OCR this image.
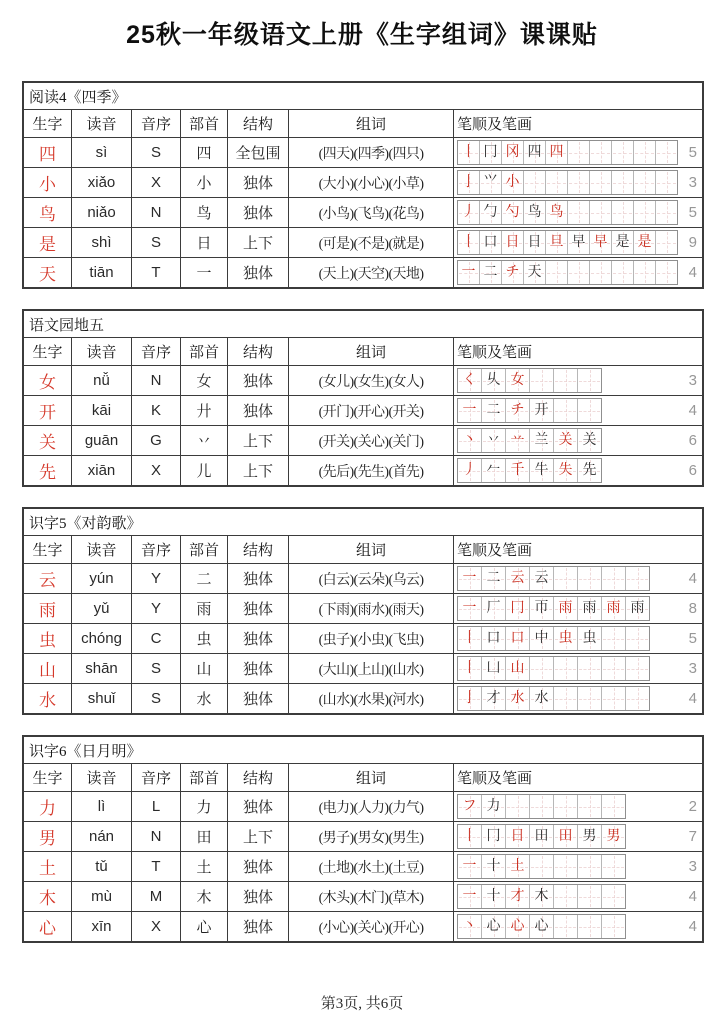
25秋一年级语文上册《生字组词》课课贴
阅读4《四季》
生字	读音	音序	部首	结构	组词	笔顺及笔画
四	sì	S	四	全包围	(四天)(四季)(四只)	丨 冂 冈 四 四	5
小	xiǎo	X	小	独体	(大小)(小心)(小草)	亅 ⺍ 小	3
鸟	niǎo	N	鸟	独体	(小鸟)(飞鸟)(花鸟)	丿 勹 勺 鸟 鸟	5
是	shì	S	日	上下	(可是)(不是)(就是)	丨 口 日 日 旦 早 早 是 是 9
天	tiān	T	一	独体	(天上)(天空)(天地)	一 二 チ 天	4
语文园地五
生字	读音	音序	部首	结构	组词	笔顺及笔画
女	nǚ	N	女	独体	(女儿)(女生)(女人)	く 乆 女	3
开	kāi	K	廾	独体	(开门)(开心)(开关)	一 二 チ 开	4
关	guān	G	丷	上下	(开关)(关心)(关门)	丶 丷 䒑 兰 关 关	6
先	xiān	X	儿	上下	(先后)(先生)(首先)	丿 𠂉 千 牛 失 先	6
识字5《对韵歌》
生字	读音	音序	部首	结构	组词	笔顺及笔画
云	yún	Y	二	独体	(白云)(云朵)(乌云)	一 二 云 云	4
雨	yǔ	Y	雨	独体	(下雨)(雨水)(雨天)	一 厂 冂 帀 雨 雨 雨 雨	8
虫	chóng	C	虫	独体	(虫子)(小虫)(飞虫)	丨 口 口 中 虫 虫	5
山	shān	S	山	独体	(大山)(上山)(山水)	丨 凵 山	3
水	shuǐ	S	水	独体	(山水)(水果)(河水)	亅 才 水 水	4
识字6《日月明》
生字	读音	音序	部首	结构	组词	笔顺及笔画
力	lì	L	力	独体	(电力)(人力)(力气)	フ 力	2
男	nán	N	田	上下	(男子)(男女)(男生)	丨 冂 日 田 田 男 男	7
土	tǔ	T	土	独体	(土地)(水土)(土豆)	一 十 土	3
木	mù	M	木	独体	(木头)(木门)(草木)	一 十 才 木	4
心	xīn	X	心	独体	(小心)(关心)(开心)	丶 心 心 心	4
第3页, 共6页
